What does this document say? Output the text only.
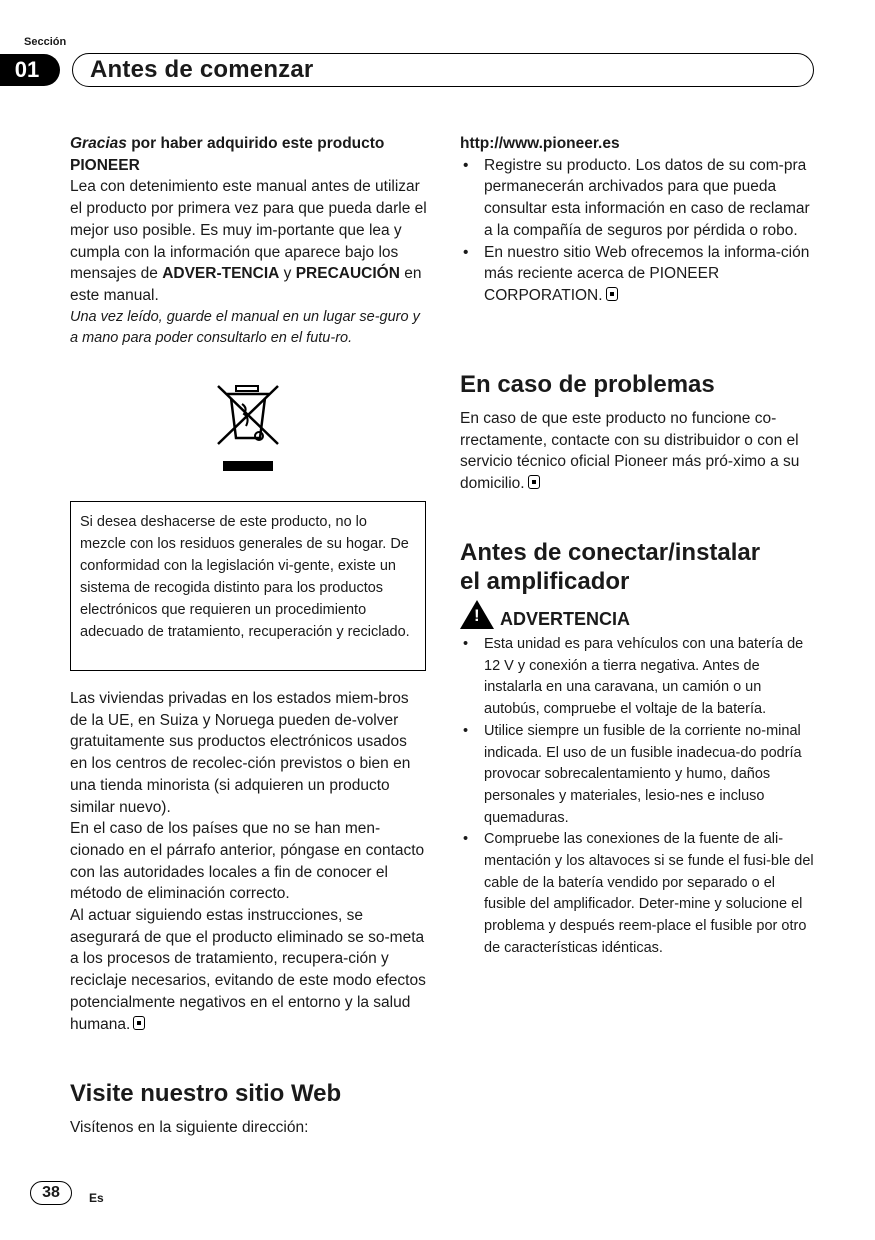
Sección
01	Antes de comenzar

Gracias por haber adquirido este producto
PIONEER

Lea con detenimiento este manual antes de utilizar el producto por primera vez para que pueda darle el mejor uso posible. Es muy im-portante que lea y cumpla con la información que aparece bajo los mensajes de ADVER-TENCIA y PRECAUCIÓN en este manual.

Una vez leído, guarde el manual en un lugar se-guro y a mano para poder consultarlo en el futu-ro.

Si desea deshacerse de este producto, no lo mezcle con los residuos generales de su hogar. De conformidad con la legislación vi-gente, existe un sistema de recogida distinto para los productos electrónicos que requieren un procedimiento adecuado de tratamiento, recuperación y reciclado.

Las viviendas privadas en los estados miem-bros de la UE, en Suiza y Noruega pueden de-volver gratuitamente sus productos electrónicos usados en los centros de recolec-ción previstos o bien en una tienda minorista (si adquieren un producto similar nuevo).

En el caso de los países que no se han men-cionado en el párrafo anterior, póngase en contacto con las autoridades locales a fin de conocer el método de eliminación correcto.

Al actuar siguiendo estas instrucciones, se asegurará de que el producto eliminado se so-meta a los procesos de tratamiento, recupera-ción y reciclaje necesarios, evitando de este modo efectos potencialmente negativos en el entorno y la salud humana.

Visite nuestro sitio Web
Visítenos en la siguiente dirección:

http://www.pioneer.es

• Registre su producto. Los datos de su com-pra permanecerán archivados para que pueda consultar esta información en caso de reclamar a la compañía de seguros por pérdida o robo.
• En nuestro sitio Web ofrecemos la informa-ción más reciente acerca de PIONEER CORPORATION.
En caso de problemas
En caso de que este producto no funcione co-rrectamente, contacte con su distribuidor o con el servicio técnico oficial Pioneer más pró-ximo a su domicilio.
Antes de conectar/instalar
el amplificador
! ADVERTENCIA
• Esta unidad es para vehículos con una batería de 12 V y conexión a tierra negativa. Antes de instalarla en una caravana, un camión o un autobús, compruebe el voltaje de la batería.
• Utilice siempre un fusible de la corriente no-minal indicada. El uso de un fusible inadecua-do podría provocar sobrecalentamiento y humo, daños personales y materiales, lesio-nes e incluso quemaduras.
• Compruebe las conexiones de la fuente de ali-mentación y los altavoces si se funde el fusi-ble del cable de la batería vendido por separado o el fusible del amplificador. Deter-mine y solucione el problema y después reem-place el fusible por otro de características idénticas.
38	Es
